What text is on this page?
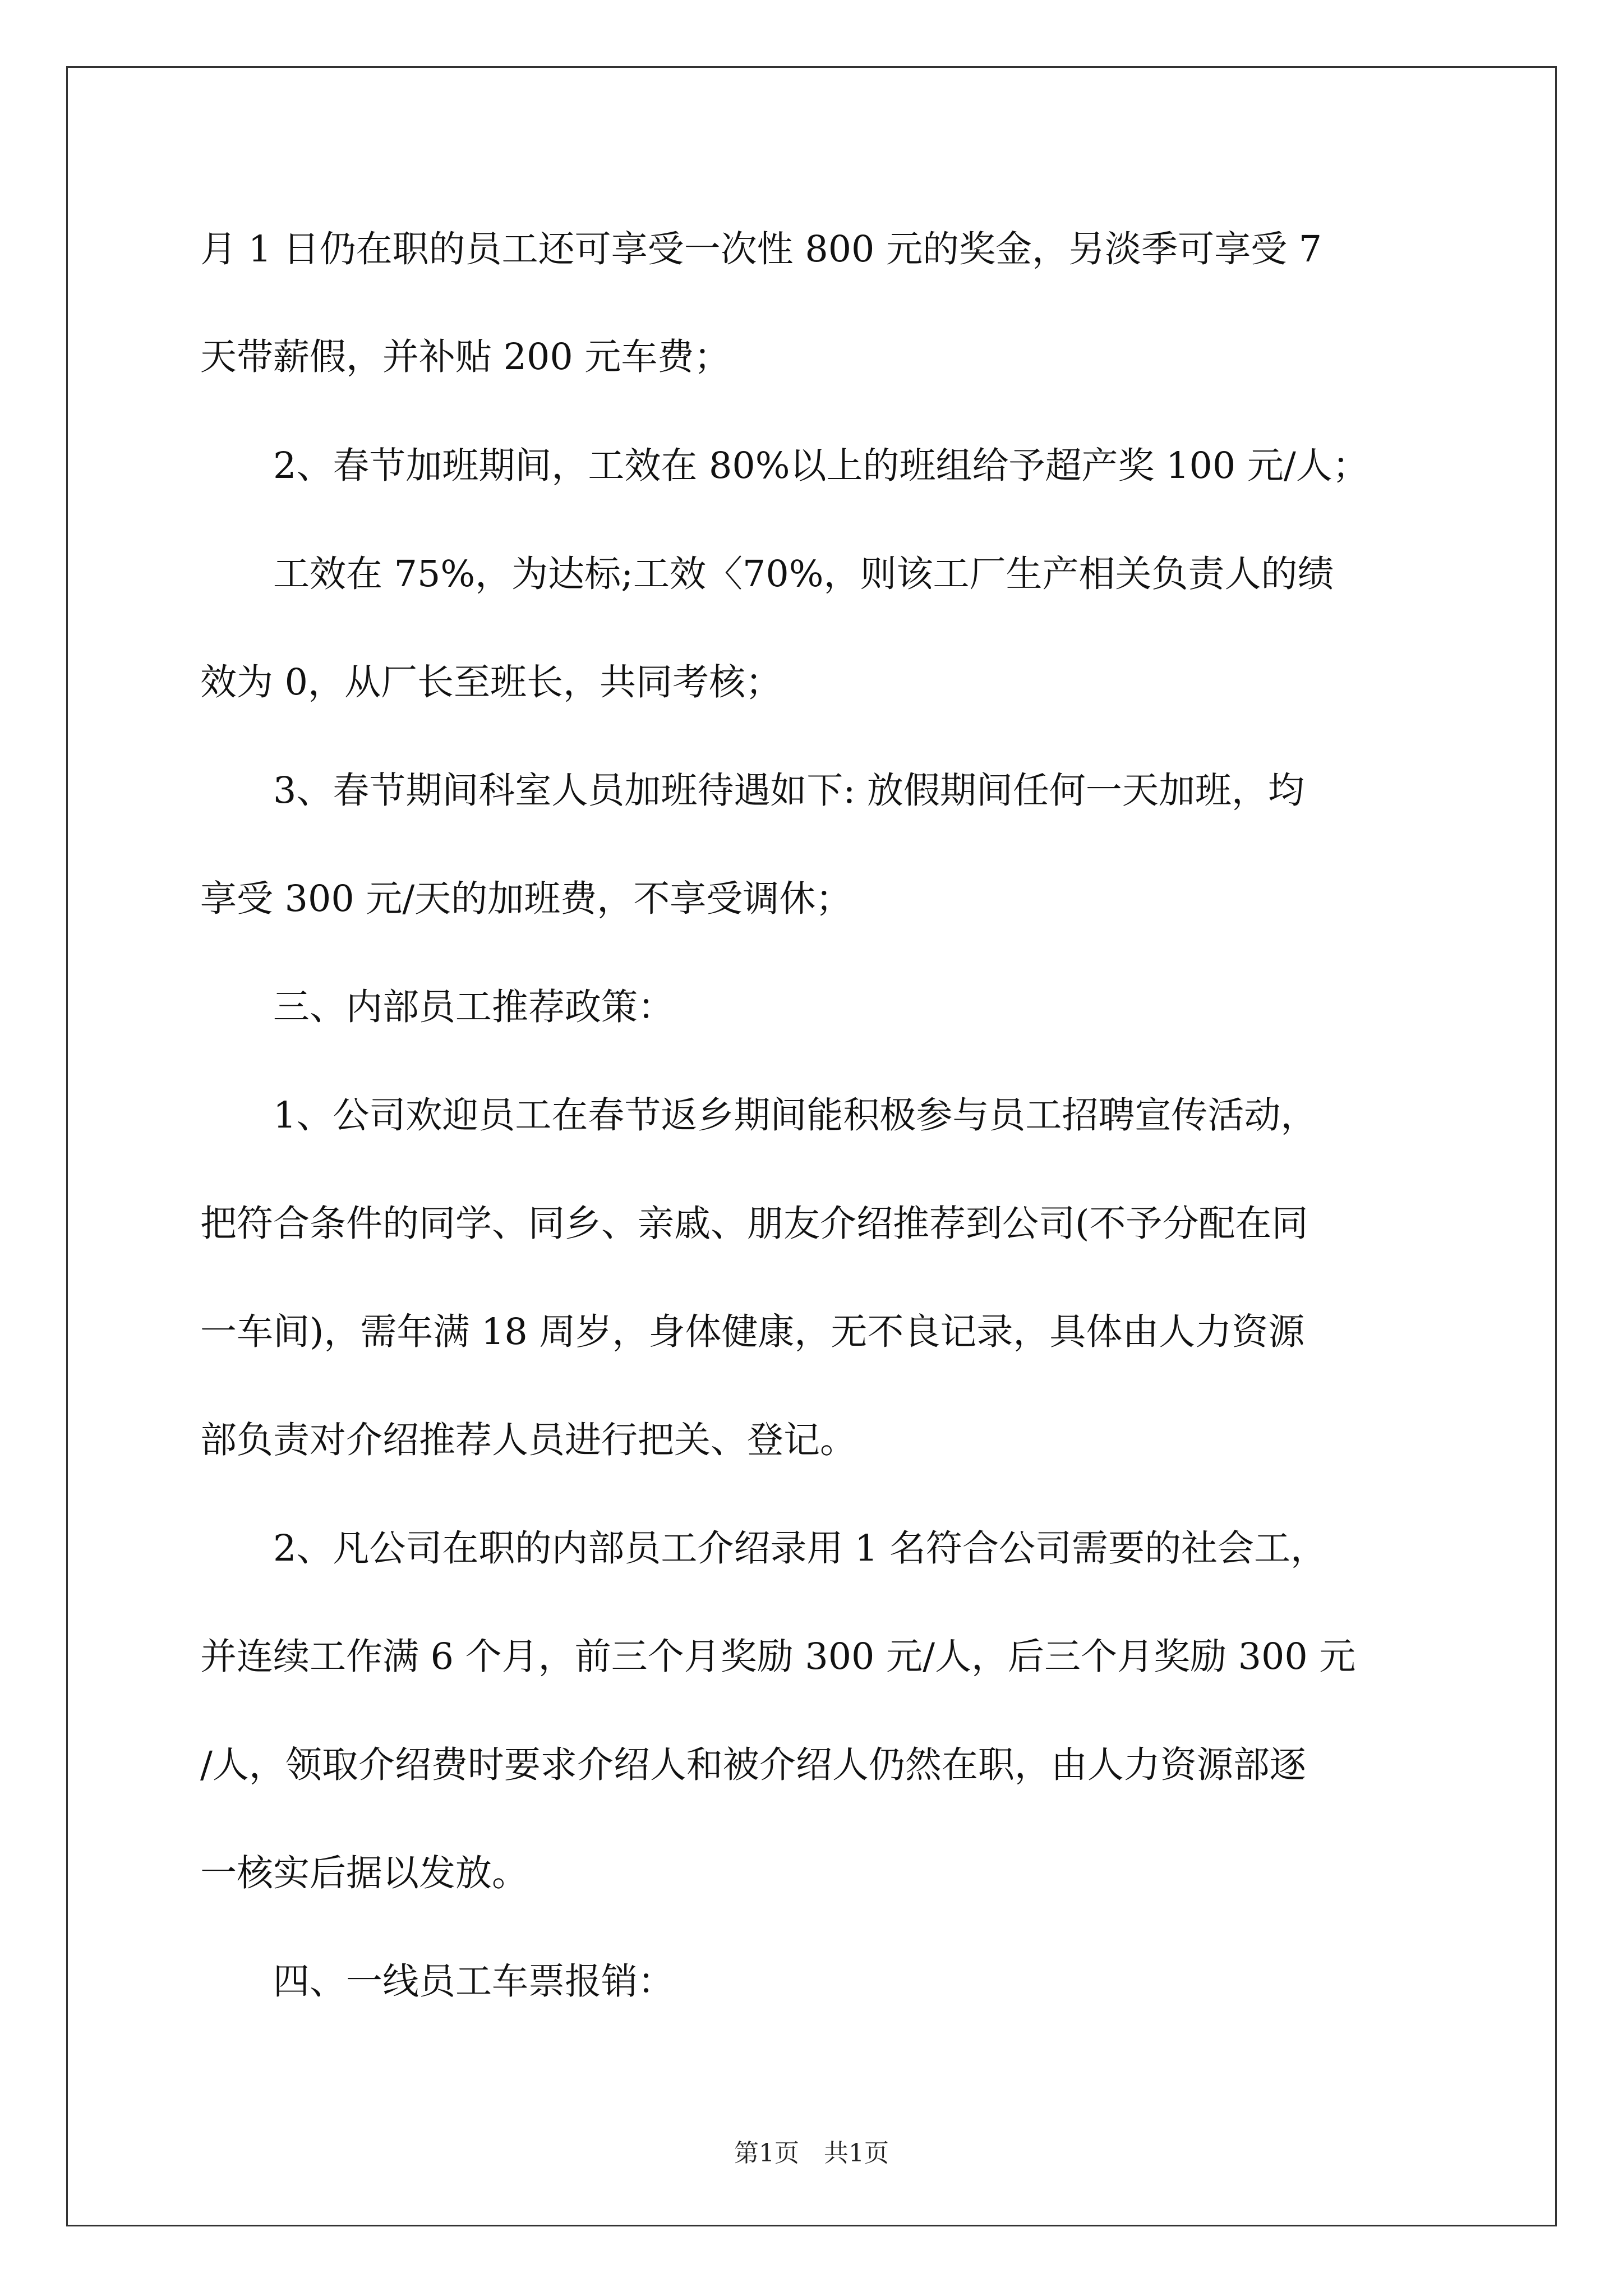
月 1 日仍在职的员工还可享受一次性 800 元的奖金，另淡季可享受 7
天带薪假，并补贴 200 元车费；
　　2、春节加班期间，工效在 80%以上的班组给予超产奖 100 元/人；
　　工效在 75%，为达标;工效〈70%，则该工厂生产相关负责人的绩
效为 0，从厂长至班长，共同考核；
　　3、春节期间科室人员加班待遇如下: 放假期间任何一天加班，均
享受 300 元/天的加班费，不享受调休；
　　三、内部员工推荐政策：
　　1、公司欢迎员工在春节返乡期间能积极参与员工招聘宣传活动，
把符合条件的同学、同乡、亲戚、朋友介绍推荐到公司(不予分配在同
一车间)，需年满 18 周岁，身体健康，无不良记录，具体由人力资源
部负责对介绍推荐人员进行把关、登记。
　　2、凡公司在职的内部员工介绍录用 1 名符合公司需要的社会工，
并连续工作满 6 个月，前三个月奖励 300 元/人，后三个月奖励 300 元
/人，领取介绍费时要求介绍人和被介绍人仍然在职，由人力资源部逐
一核实后据以发放。
　　四、一线员工车票报销：
第1页　共1页
